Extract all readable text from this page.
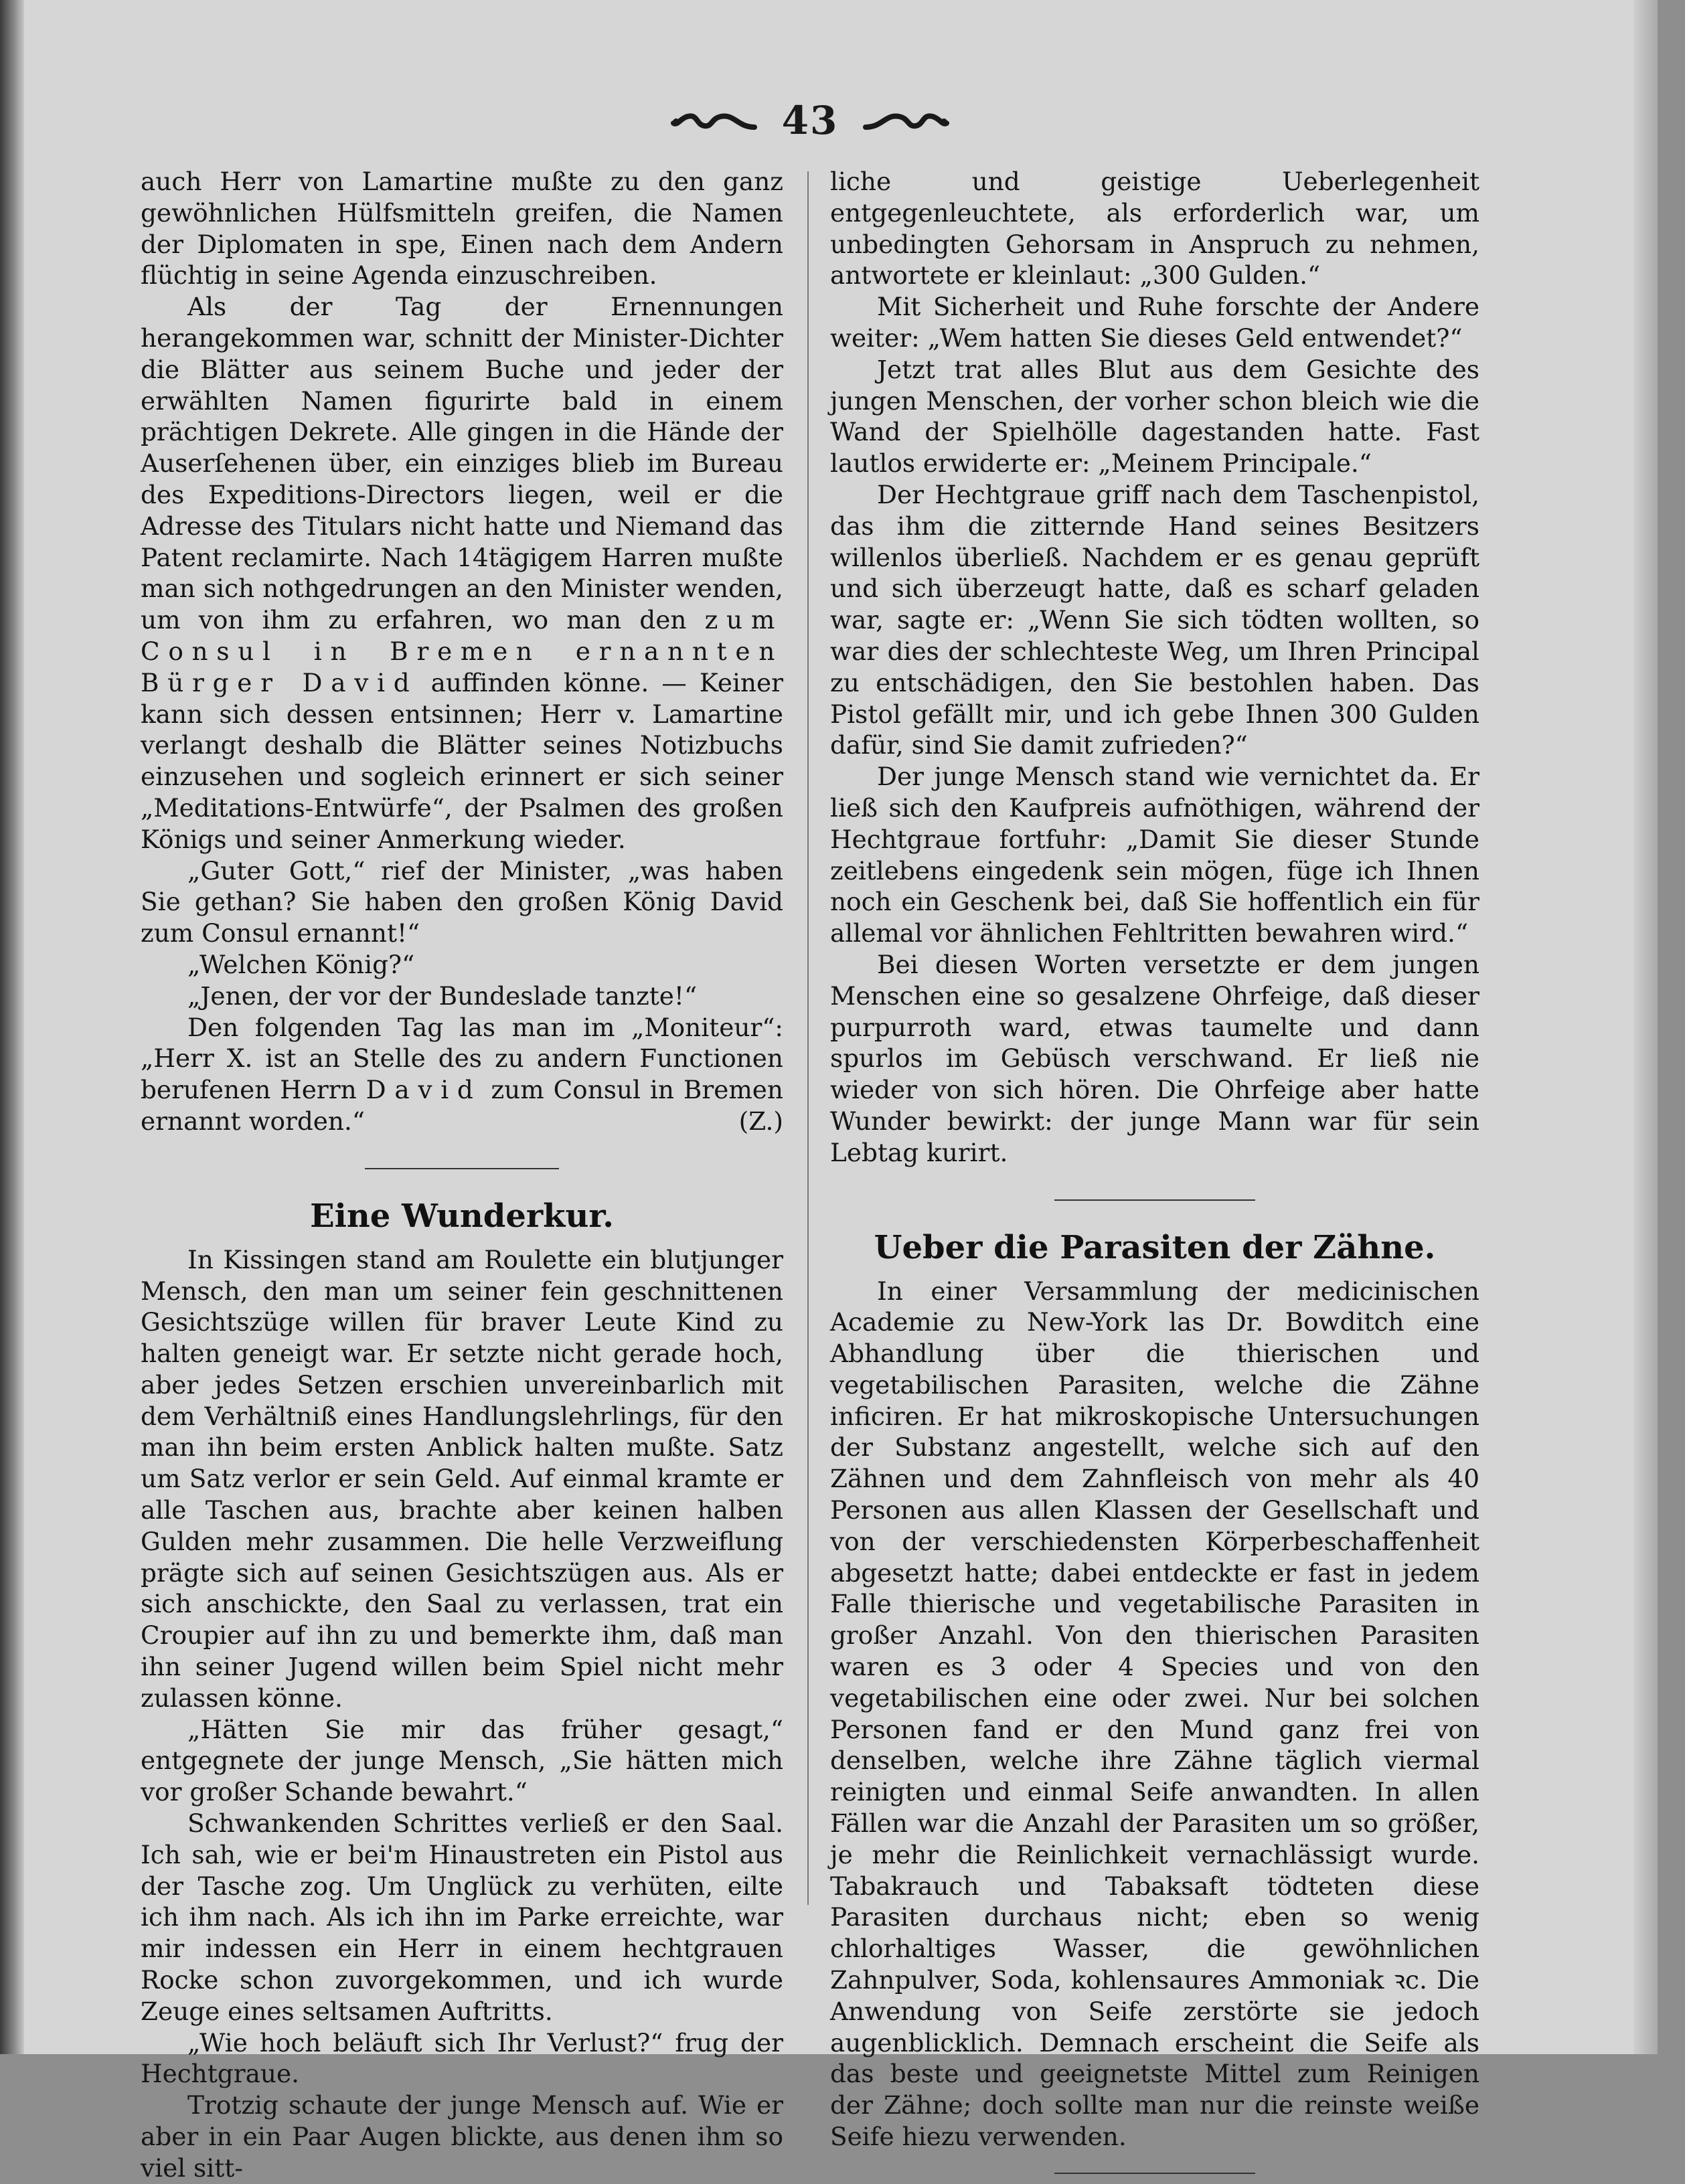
43

auch Herr von Lamartine mußte zu den ganz gewöhnlichen Hülfsmitteln greifen, die Namen der Diplomaten in spe, Einen nach dem Andern flüchtig in seine Agenda einzuschreiben.

Als der Tag der Ernennungen herangekommen war, schnitt der Minister-Dichter die Blätter aus seinem Buche und jeder der erwählten Namen figurirte bald in einem prächtigen Dekrete. Alle gingen in die Hände der Auserſehenen über, ein einziges blieb im Bureau des Expeditions-Directors liegen, weil er die Adresse des Titulars nicht hatte und Niemand das Patent reclamirte. Nach 14tägigem Harren mußte man sich nothgedrungen an den Minister wenden, um von ihm zu erfahren, wo man den zum Consul in Bremen ernannten Bürger David auffinden könne. — Keiner kann sich dessen entsinnen; Herr v. Lamartine verlangt deshalb die Blätter seines Notizbuchs einzusehen und sogleich erinnert er sich seiner „Meditations-Entwürfe“, der Psalmen des großen Königs und seiner Anmerkung wieder.

„Guter Gott,“ rief der Minister, „was haben Sie gethan? Sie haben den großen König David zum Consul ernannt!“

„Welchen König?“

„Jenen, der vor der Bundeslade tanzte!“

Den folgenden Tag las man im „Moniteur“: „Herr X. ist an Stelle des zu andern Functionen berufenen Herrn David zum Consul in Bremen ernannt worden.“	(Z.)

Eine Wunderkur.

In Kissingen stand am Roulette ein blutjunger Mensch, den man um seiner fein geschnittenen Gesichtszüge willen für braver Leute Kind zu halten geneigt war. Er setzte nicht gerade hoch, aber jedes Setzen erschien unvereinbarlich mit dem Verhältniß eines Handlungslehrlings, für den man ihn beim ersten Anblick halten mußte. Satz um Satz verlor er sein Geld. Auf einmal kramte er alle Taschen aus, brachte aber keinen halben Gulden mehr zusammen. Die helle Verzweiflung prägte sich auf seinen Gesichtszügen aus. Als er sich anschickte, den Saal zu verlassen, trat ein Croupier auf ihn zu und bemerkte ihm, daß man ihn seiner Jugend willen beim Spiel nicht mehr zulassen könne.

„Hätten Sie mir das früher gesagt,“ entgegnete der junge Mensch, „Sie hätten mich vor großer Schande bewahrt.“

Schwankenden Schrittes verließ er den Saal. Ich sah, wie er bei'm Hinaustreten ein Pistol aus der Tasche zog. Um Unglück zu verhüten, eilte ich ihm nach. Als ich ihn im Parke erreichte, war mir indessen ein Herr in einem hechtgrauen Rocke schon zuvorgekommen, und ich wurde Zeuge eines seltsamen Auftritts.

„Wie hoch beläuft sich Ihr Verlust?“ frug der Hechtgraue.

Trotzig schaute der junge Mensch auf. Wie er aber in ein Paar Augen blickte, aus denen ihm so viel sitt-

liche und geistige Ueberlegenheit entgegenleuchtete, als erforderlich war, um unbedingten Gehorsam in Anspruch zu nehmen, antwortete er kleinlaut: „300 Gulden.“

Mit Sicherheit und Ruhe forschte der Andere weiter: „Wem hatten Sie dieses Geld entwendet?“

Jetzt trat alles Blut aus dem Gesichte des jungen Menschen, der vorher schon bleich wie die Wand der Spielhölle dagestanden hatte. Fast lautlos erwiderte er: „Meinem Principale.“

Der Hechtgraue griff nach dem Taschenpistol, das ihm die zitternde Hand seines Besitzers willenlos überließ. Nachdem er es genau geprüft und sich überzeugt hatte, daß es scharf geladen war, sagte er: „Wenn Sie sich tödten wollten, so war dies der schlechteste Weg, um Ihren Principal zu entschädigen, den Sie bestohlen haben. Das Pistol gefällt mir, und ich gebe Ihnen 300 Gulden dafür, sind Sie damit zufrieden?“

Der junge Mensch stand wie vernichtet da. Er ließ sich den Kaufpreis aufnöthigen, während der Hechtgraue fortfuhr: „Damit Sie dieser Stunde zeitlebens eingedenk sein mögen, füge ich Ihnen noch ein Geschenk bei, daß Sie hoffentlich ein für allemal vor ähnlichen Fehltritten bewahren wird.“

Bei diesen Worten versetzte er dem jungen Menschen eine so gesalzene Ohrfeige, daß dieser purpurroth ward, etwas taumelte und dann spurlos im Gebüsch verschwand. Er ließ nie wieder von sich hören. Die Ohrfeige aber hatte Wunder bewirkt: der junge Mann war für sein Lebtag kurirt.

Ueber die Parasiten der Zähne.

In einer Versammlung der medicinischen Academie zu New-York las Dr. Bowditch eine Abhandlung über die thierischen und vegetabilischen Parasiten, welche die Zähne inficiren. Er hat mikroskopische Untersuchungen der Substanz angestellt, welche sich auf den Zähnen und dem Zahnfleisch von mehr als 40 Personen aus allen Klassen der Gesellschaft und von der verschiedensten Körperbeschaffenheit abgesetzt hatte; dabei entdeckte er fast in jedem Falle thierische und vegetabilische Parasiten in großer Anzahl. Von den thierischen Parasiten waren es 3 oder 4 Species und von den vegetabilischen eine oder zwei. Nur bei solchen Personen fand er den Mund ganz frei von denselben, welche ihre Zähne täglich viermal reinigten und einmal Seife anwandten. In allen Fällen war die Anzahl der Parasiten um so größer, je mehr die Reinlichkeit vernachlässigt wurde. Tabakrauch und Tabaksaft tödteten diese Parasiten durchaus nicht; eben so wenig chlorhaltiges Wasser, die gewöhnlichen Zahnpulver, Soda, kohlensaures Ammoniak ꝛc. Die Anwendung von Seife zerstörte sie jedoch augenblicklich. Demnach erscheint die Seife als das beste und geeignetste Mittel zum Reinigen der Zähne; doch sollte man nur die reinste weiße Seife hiezu verwenden.
